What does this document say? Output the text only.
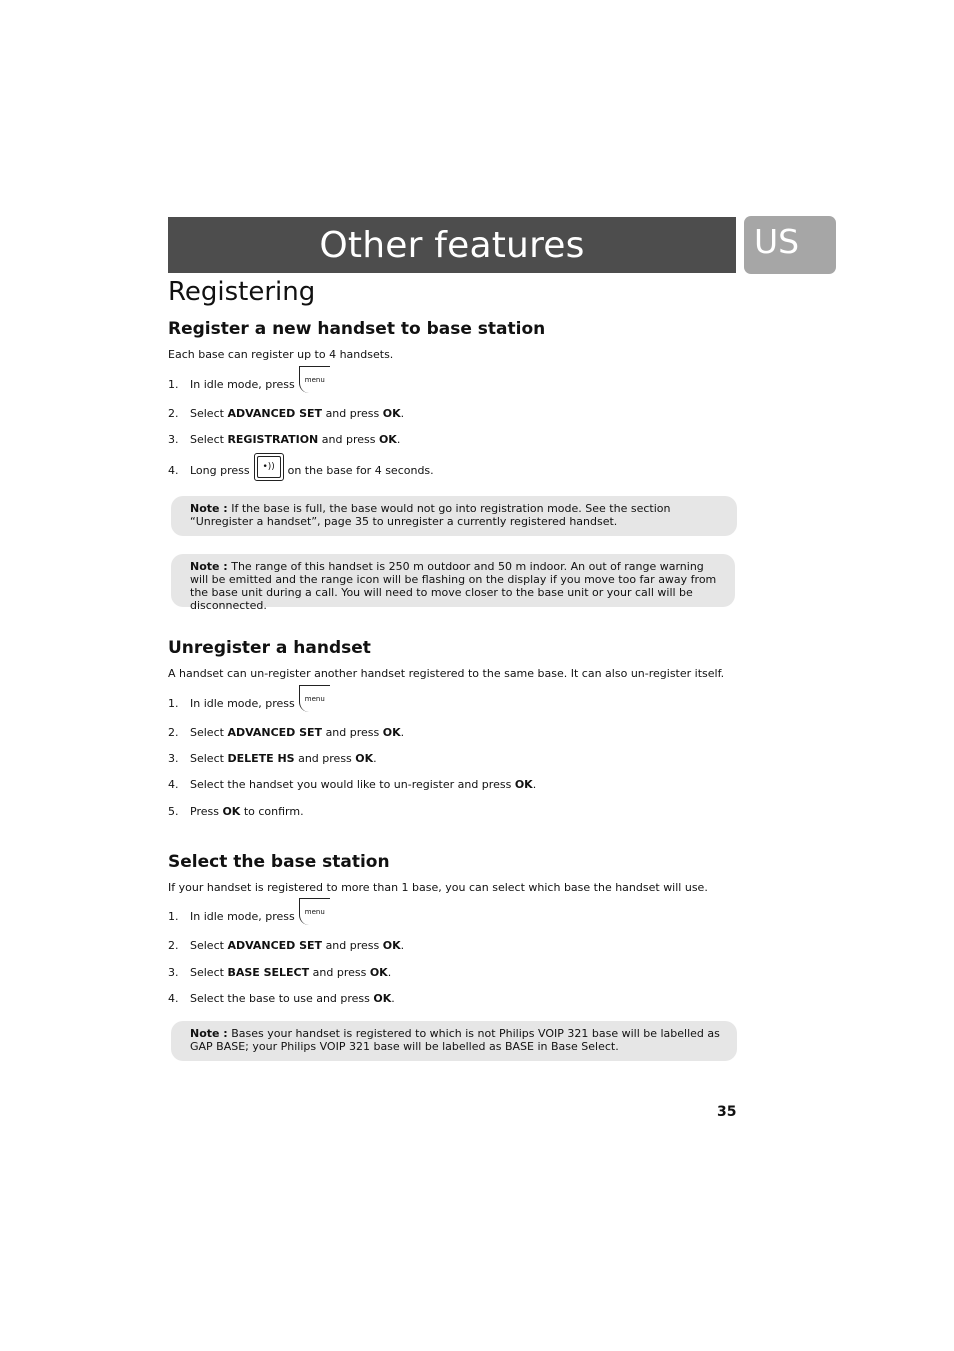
Other features	US
Registering
Register a new handset to base station

Each base can register up to 4 handsets.

1.	In idle mode, press menu
2.	Select
ADVANCED SET
and press
OK .
3.	Select
REGISTRATION
and press
OK .
4.	Long press	•))	on the base for 4 seconds.
Note : If the base is full, the base would not go into registration mode. See the section “Unregister a handset”, page 35 to unregister a currently registered handset.
Note : The range of this handset is 250 m outdoor and 50 m indoor. An out of range warning will be emitted and the range icon will be flashing on the display if you move too far away from the base unit during a call. You will need to move closer to the base unit or your call will be disconnected.
Unregister a handset

A handset can un-register another handset registered to the same base. It can also un-register itself.

1.	In idle mode, press menu
2.	Select
ADVANCED SET
and press
OK .
3.	Select
DELETE HS
and press
OK .
4.	Select the handset you would like to un-register and press
OK .
5.	Press
OK
to confirm.
Select the base station

If your handset is registered to more than 1 base, you can select which base the handset will use.

1.	In idle mode, press menu
2.	Select
ADVANCED SET
and press
OK .
3.	Select
BASE SELECT
and press
OK .
4.	Select the base to use and press
OK .
Note : Bases your handset is registered to which is not Philips VOIP 321 base will be labelled as GAP BASE; your Philips VOIP 321 base will be labelled as BASE in Base Select.
35
